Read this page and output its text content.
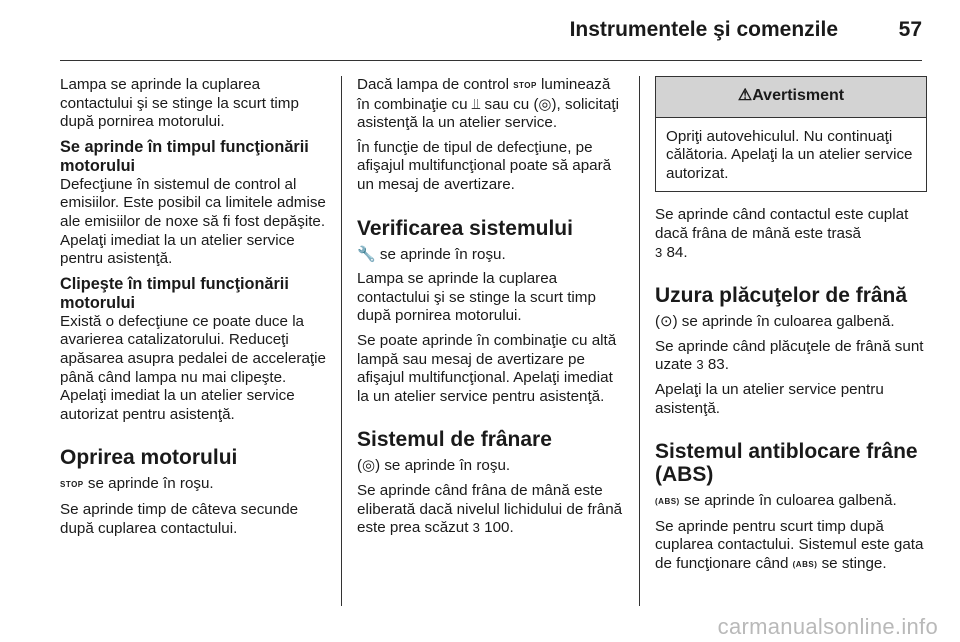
Instrumentele şi comenzile	57

Lampa se aprinde la cuplarea contactului şi se stinge la scurt timp după pornirea motorului.

Se aprinde în timpul funcţionării motorului

Defecţiune în sistemul de control al emisiilor. Este posibil ca limitele admise ale emisiilor de noxe să fi fost depăşite. Apelaţi imediat la un atelier service pentru asistenţă.

Clipeşte în timpul funcţionării motorului

Există o defecţiune ce poate duce la avarierea catalizatorului. Reduceţi apăsarea asupra pedalei de acceleraţie până când lampa nu mai clipeşte. Apelaţi imediat la un atelier service autorizat pentru asistenţă.

Oprirea motorului

STOP se aprinde în roşu.

Se aprinde timp de câteva secunde după cuplarea contactului.

Dacă lampa de control STOP luminează în combinaţie cu ⫫ sau cu (◎), solicitaţi asistenţă la un atelier service.

În funcţie de tipul de defecţiune, pe afişajul multifuncţional poate să apară un mesaj de avertizare.

Verificarea sistemului

🔧 se aprinde în roşu.

Lampa se aprinde la cuplarea contactului şi se stinge la scurt timp după pornirea motorului.

Se poate aprinde în combinaţie cu altă lampă sau mesaj de avertizare pe afişajul multifuncţional. Apelaţi imediat la un atelier service pentru asistenţă.

Sistemul de frânare

(◎) se aprinde în roşu.

Se aprinde când frâna de mână este eliberată dacă nivelul lichidului de frână este prea scăzut 3 100.

⚠Avertisment
Opriţi autovehiculul. Nu continuaţi călătoria. Apelaţi la un atelier service autorizat.

Se aprinde când contactul este cuplat dacă frâna de mână este trasă
3 84.

Uzura plăcuţelor de frână

(⊙) se aprinde în culoarea galbenă.

Se aprinde când plăcuţele de frână sunt uzate 3 83.

Apelaţi la un atelier service pentru asistenţă.

Sistemul antiblocare frâne (ABS)

(ABS) se aprinde în culoarea galbenă.

Se aprinde pentru scurt timp după cuplarea contactului. Sistemul este gata de funcţionare când (ABS) se stinge.

carmanualsonline.info
